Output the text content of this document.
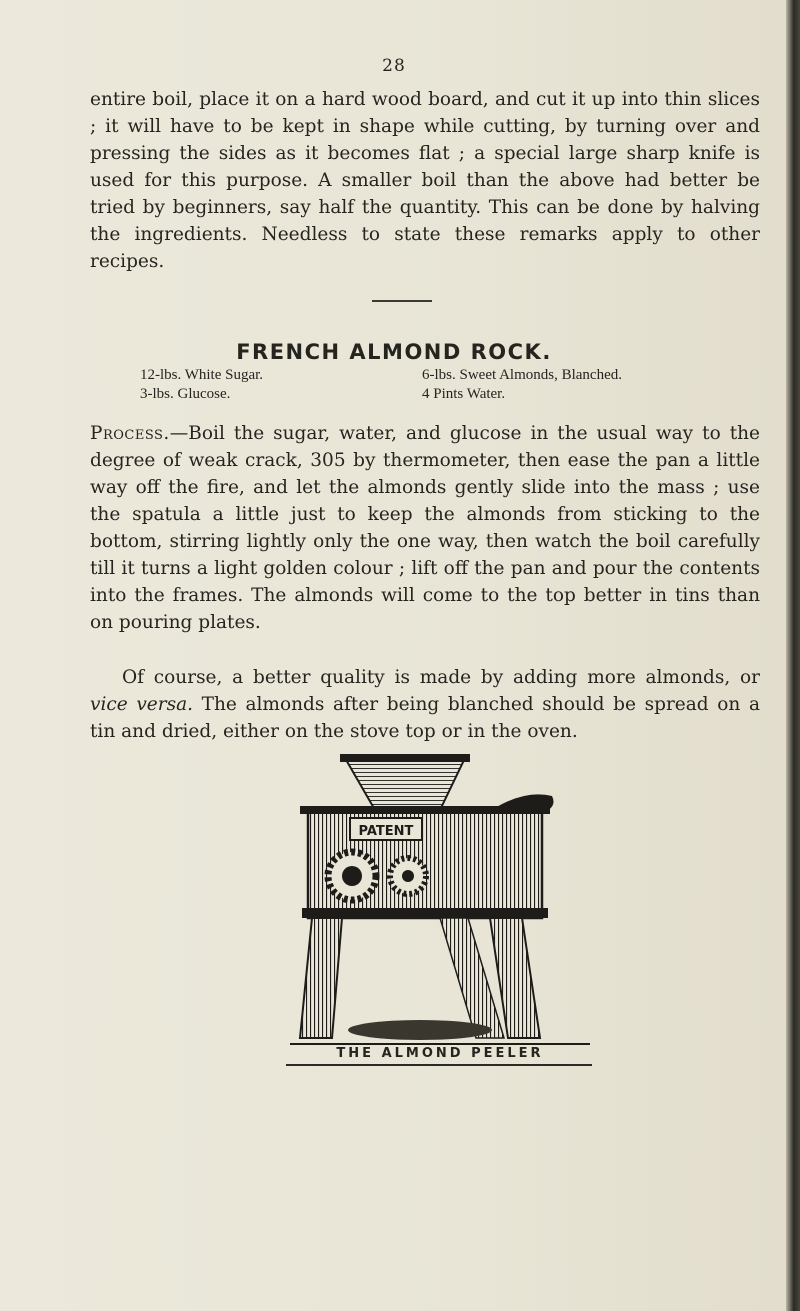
28

entire boil, place it on a hard wood board, and cut it up into thin slices ; it will have to be kept in shape while cutting, by turning over and pressing the sides as it becomes flat ; a special large sharp knife is used for this purpose. A smaller boil than the above had better be tried by beginners, say half the quantity. This can be done by halving the ingredients. Needless to state these remarks apply to other recipes.

FRENCH ALMOND ROCK.
12-lbs. White Sugar.	6-lbs. Sweet Almonds, Blanched.
3-lbs. Glucose.	4 Pints Water.

Process.—Boil the sugar, water, and glucose in the usual way to the degree of weak crack, 305 by thermometer, then ease the pan a little way off the fire, and let the almonds gently slide into the mass ; use the spatula a little just to keep the almonds from sticking to the bottom, stirring lightly only the one way, then watch the boil carefully till it turns a light golden colour ; lift off the pan and pour the contents into the frames. The almonds will come to the top better in tins than on pouring plates.

Of course, a better quality is made by adding more almonds, or vice versa. The almonds after being blanched should be spread on a tin and dried, either on the stove top or in the oven.

PATENT
THE ALMOND PEELER
